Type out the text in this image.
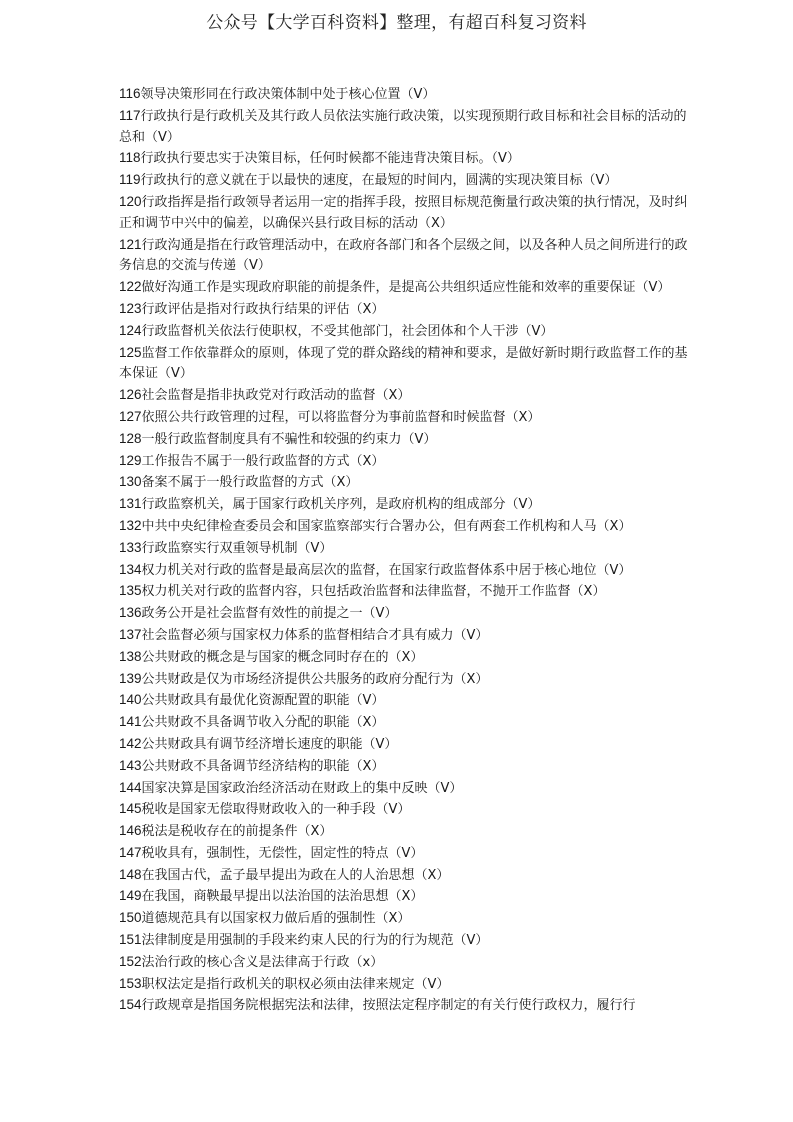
公众号【大学百科资料】整理，有超百科复习资料
116领导决策形同在行政决策体制中处于核心位置（V）
117行政执行是行政机关及其行政人员依法实施行政决策，以实现预期行政目标和社会目标的活动的总和（V）
118行政执行要忠实于决策目标，任何时候都不能违背决策目标。（V）
119行政执行的意义就在于以最快的速度，在最短的时间内，圆满的实现决策目标（V）
120行政指挥是指行政领导者运用一定的指挥手段，按照目标规范衡量行政决策的执行情况，及时纠正和调节中兴中的偏差，以确保兴县行政目标的活动（X）
121行政沟通是指在行政管理活动中，在政府各部门和各个层级之间，以及各种人员之间所进行的政务信息的交流与传递（V）
122做好沟通工作是实现政府职能的前提条件，是提高公共组织适应性能和效率的重要保证（V）
123行政评估是指对行政执行结果的评估（X）
124行政监督机关依法行使职权，不受其他部门，社会团体和个人干涉（V）
125监督工作依靠群众的原则，体现了党的群众路线的精神和要求，是做好新时期行政监督工作的基本保证（V）
126社会监督是指非执政党对行政活动的监督（X）
127依照公共行政管理的过程，可以将监督分为事前监督和时候监督（X）
128一般行政监督制度具有不骗性和较强的约束力（V）
129工作报告不属于一般行政监督的方式（X）
130备案不属于一般行政监督的方式（X）
131行政监察机关，属于国家行政机关序列，是政府机构的组成部分（V）
132中共中央纪律检查委员会和国家监察部实行合署办公，但有两套工作机构和人马（X）
133行政监察实行双重领导机制（V）
134权力机关对行政的监督是最高层次的监督，在国家行政监督体系中居于核心地位（V）
135权力机关对行政的监督内容，只包括政治监督和法律监督，不抛开工作监督（X）
136政务公开是社会监督有效性的前提之一（V）
137社会监督必须与国家权力体系的监督相结合才具有威力（V）
138公共财政的概念是与国家的概念同时存在的（X）
139公共财政是仅为市场经济提供公共服务的政府分配行为（X）
140公共财政具有最优化资源配置的职能（V）
141公共财政不具备调节收入分配的职能（X）
142公共财政具有调节经济增长速度的职能（V）
143公共财政不具备调节经济结构的职能（X）
144国家决算是国家政治经济活动在财政上的集中反映（V）
145税收是国家无偿取得财政收入的一种手段（V）
146税法是税收存在的前提条件（X）
147税收具有，强制性，无偿性，固定性的特点（V）
148在我国古代，孟子最早提出为政在人的人治思想（X）
149在我国，商鞅最早提出以法治国的法治思想（X）
150道德规范具有以国家权力做后盾的强制性（X）
151法律制度是用强制的手段来约束人民的行为的行为规范（V）
152法治行政的核心含义是法律高于行政（x）
153职权法定是指行政机关的职权必须由法律来规定（V）
154行政规章是指国务院根据宪法和法律，按照法定程序制定的有关行使行政权力，履行行
